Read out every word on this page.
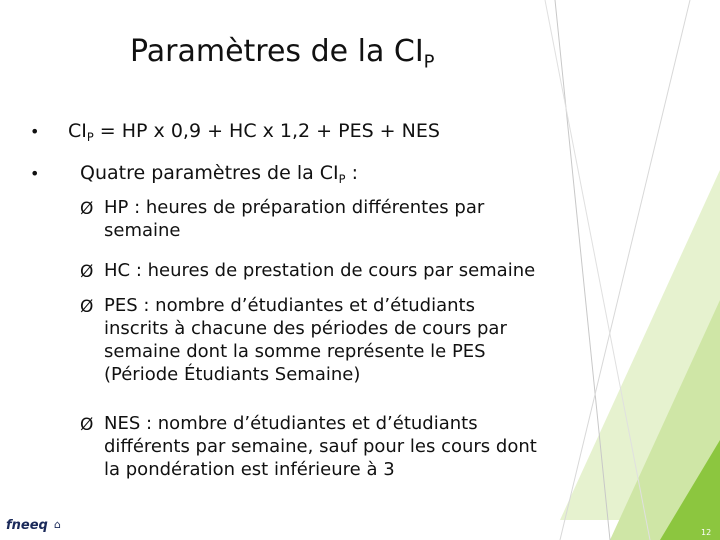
Paramètres de la $CI_P$
• $CI_P$ = HP x 0,9 + HC x 1,2 + PES + NES
• Quatre paramètres de la $CI_P$ :
Ø HP : heures de préparation différentes par
semaine
Ø HC : heures de prestation de cours par semaine
Ø PES : nombre d’étudiantes et d’étudiants
inscrits à chacune des périodes de cours par
semaine dont la somme représente le PES
(Période Étudiants Semaine)
Ø NES : nombre d’étudiantes et d’étudiants
différents par semaine, sauf pour les cours dont
la pondération est inférieure à 3
fneeq ⌂
12
